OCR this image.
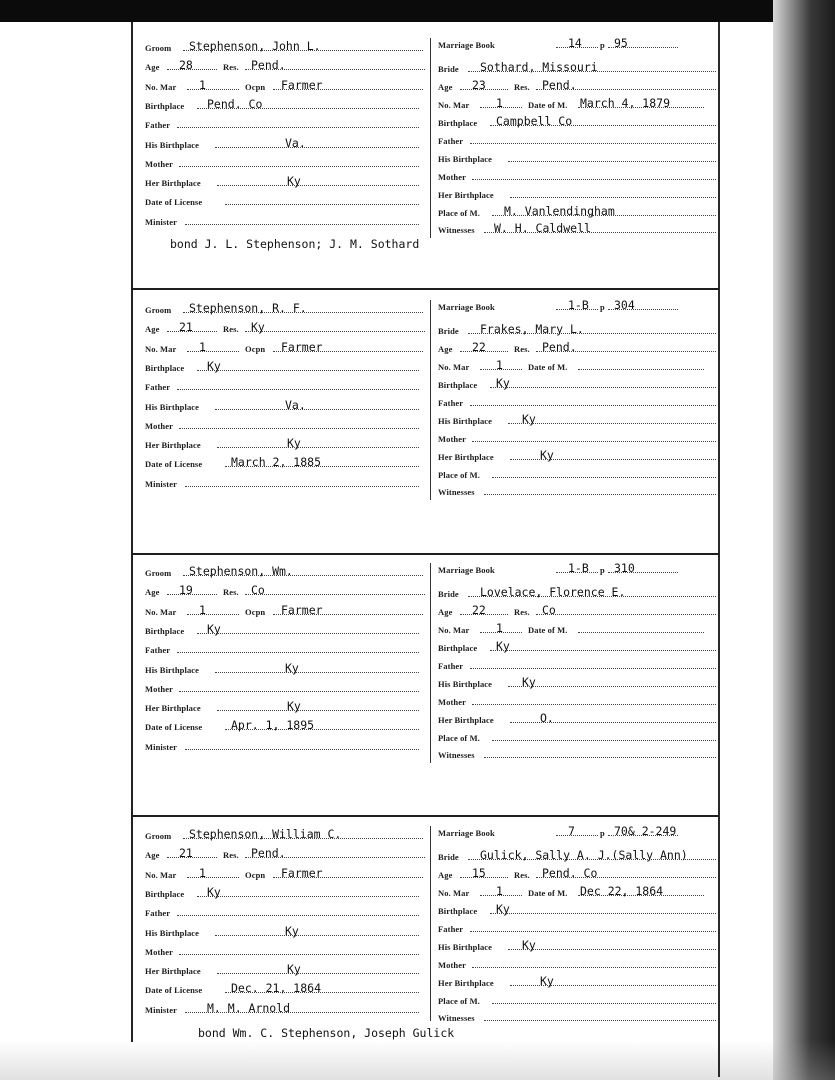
Groom Stephenson, John L.
Age 28	Res. Pend.
No. Mar 1	Ocpn Farmer
Birthplace Pend. Co
Father
His Birthplace	Va.
Mother
Her Birthplace	Ky
Date of License
Minister
Marriage Book	14 p 95
Bride Sothard, Missouri
Age 23	Res. Pend.
No. Mar 1	Date of M. March 4, 1879
Birthplace Campbell Co
Father
His Birthplace
Mother
Her Birthplace
Place of M. M. Vanlendingham
Witnesses W. H. Caldwell
bond J. L. Stephenson; J. M. Sothard
Groom Stephenson, R. F.
Age 21	Res. Ky
No. Mar 1	Ocpn Farmer
Birthplace Ky
Father
His Birthplace	Va.
Mother
Her Birthplace	Ky
Date of License	March 2, 1885
Minister
Marriage Book	1-B p 304
Bride Frakes, Mary L.
Age 22	Res. Pend.
No. Mar 1	Date of M.
Birthplace Ky
Father
His Birthplace	Ky
Mother
Her Birthplace	Ky
Place of M.
Witnesses
Groom Stephenson, Wm.
Age 19	Res. Co
No. Mar 1	Ocpn Farmer
Birthplace Ky
Father
His Birthplace	Ky
Mother
Her Birthplace	Ky
Date of License	Apr. 1, 1895
Minister
Marriage Book	1-B p 310
Bride Lovelace, Florence E.
Age 22	Res. Co
No. Mar 1	Date of M.
Birthplace Ky
Father
His Birthplace	Ky
Mother
Her Birthplace	O.
Place of M.
Witnesses
Groom Stephenson, William C.
Age 21	Res. Pend.
No. Mar 1	Ocpn Farmer
Birthplace Ky
Father
His Birthplace	Ky
Mother
Her Birthplace	Ky
Date of License	Dec. 21, 1864
Minister	M. M. Arnold
Marriage Book	7	p 70& 2-249
Bride Gulick, Sally A. J.(Sally Ann)
Age 15	Res. Pend. Co
No. Mar 1	Date of M. Dec 22, 1864
Birthplace Ky
Father
His Birthplace	Ky
Mother
Her Birthplace	Ky
Place of M.
Witnesses
bond Wm. C. Stephenson, Joseph Gulick
